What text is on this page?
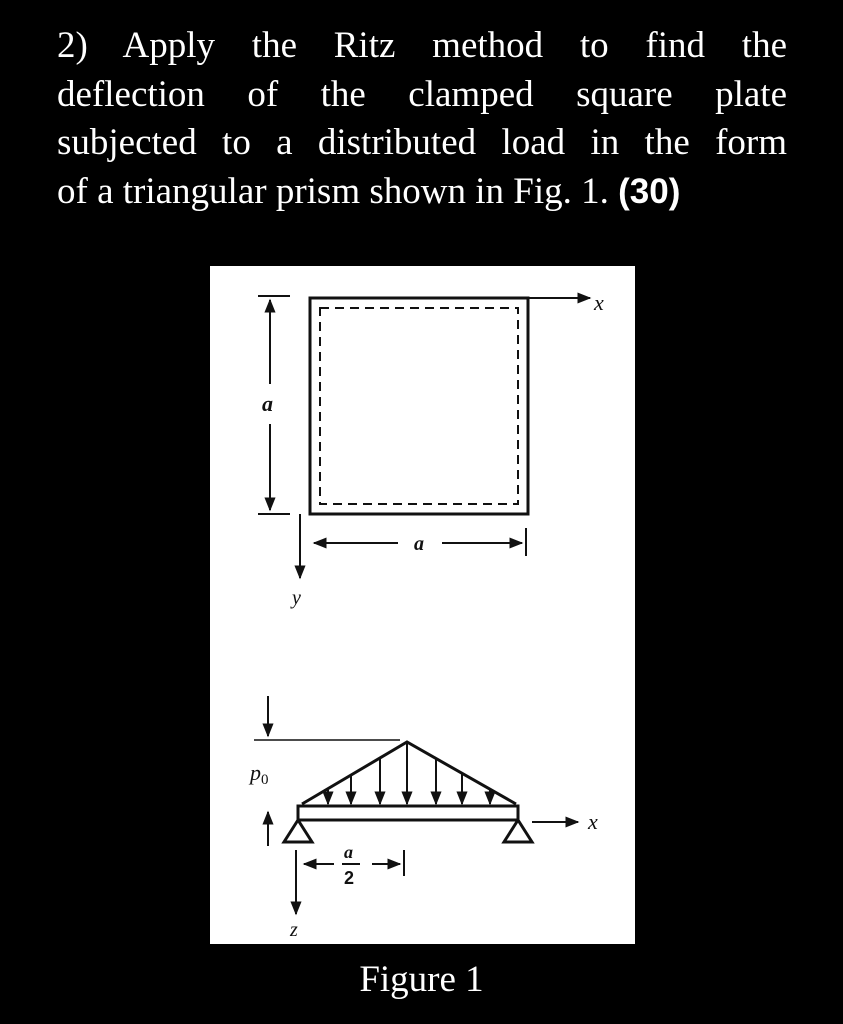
2) Apply the Ritz method to find the
deflection of the clamped square plate
subjected to a distributed load in the form
of a triangular prism shown in Fig. 1. (30)
x
a
a
y
p0
x
a
2
z
Figure 1
